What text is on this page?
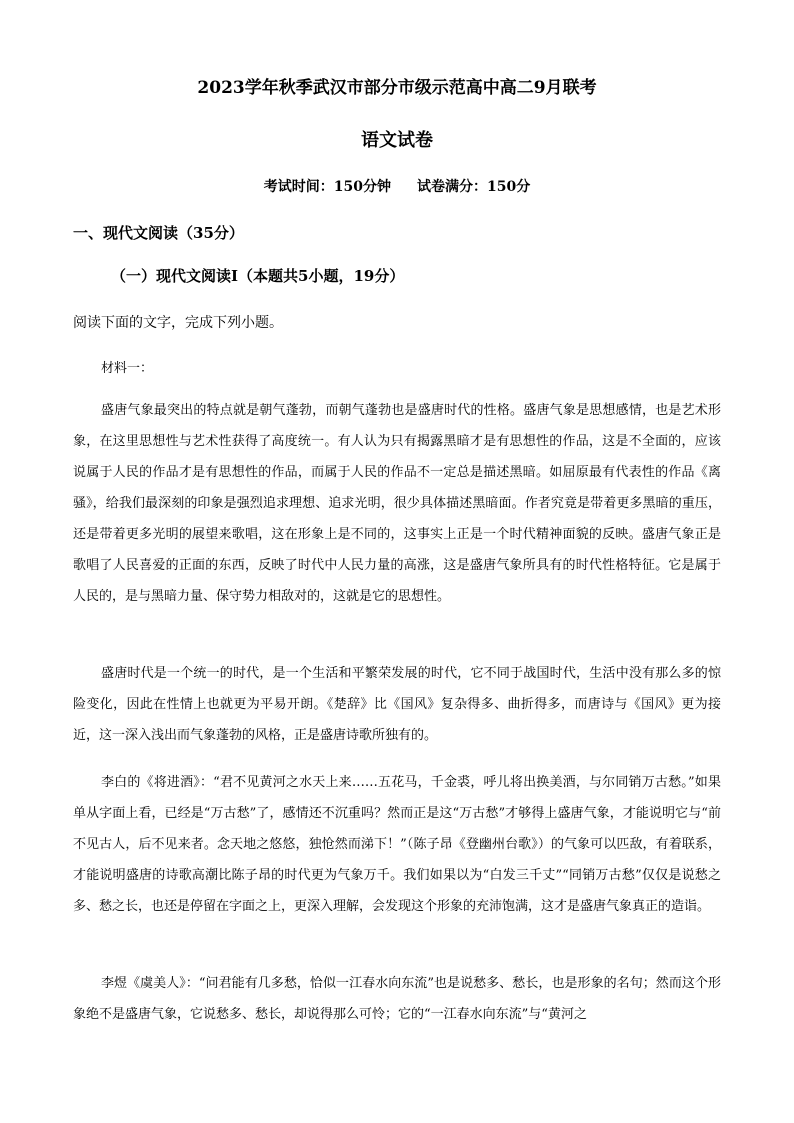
2023学年秋季武汉市部分市级示范高中高二9月联考
语文试卷
考试时间：150分钟 试卷满分：150分
一、现代文阅读（35分）
（一）现代文阅读Ⅰ（本题共5小题，19分）
阅读下面的文字，完成下列小题。
材料一：

盛唐气象最突出的特点就是朝气蓬勃，而朝气蓬勃也是盛唐时代的性格。盛唐气象是思想感情，也是艺术形象，在这里思想性与艺术性获得了高度统一。有人认为只有揭露黑暗才是有思想性的作品，这是不全面的，应该说属于人民的作品才是有思想性的作品，而属于人民的作品不一定总是描述黑暗。如屈原最有代表性的作品《离骚》，给我们最深刻的印象是强烈追求理想、追求光明，很少具体描述黑暗面。作者究竟是带着更多黑暗的重压，还是带着更多光明的展望来歌唱，这在形象上是不同的，这事实上正是一个时代精神面貌的反映。盛唐气象正是歌唱了人民喜爱的正面的东西，反映了时代中人民力量的高涨，这是盛唐气象所具有的时代性格特征。它是属于人民的，是与黑暗力量、保守势力相敌对的，这就是它的思想性。

盛唐时代是一个统一的时代，是一个生活和平繁荣发展的时代，它不同于战国时代，生活中没有那么多的惊险变化，因此在性情上也就更为平易开朗。《楚辞》比《国风》复杂得多、曲折得多，而唐诗与《国风》更为接近，这一深入浅出而气象蓬勃的风格，正是盛唐诗歌所独有的。

李白的《将进酒》：“君不见黄河之水天上来……五花马，千金裘，呼儿将出换美酒，与尔同销万古愁。”如果单从字面上看，已经是“万古愁”了，感情还不沉重吗？然而正是这“万古愁”才够得上盛唐气象，才能说明它与“前不见古人，后不见来者。念天地之悠悠，独怆然而涕下！”（陈子昂《登幽州台歌》）的气象可以匹敌，有着联系，才能说明盛唐的诗歌高潮比陈子昂的时代更为气象万千。我们如果以为“白发三千丈”“同销万古愁”仅仅是说愁之多、愁之长，也还是停留在字面之上，更深入理解，会发现这个形象的充沛饱满，这才是盛唐气象真正的造诣。

李煜《虞美人》：“问君能有几多愁，恰似一江春水向东流”也是说愁多、愁长，也是形象的名句；然而这个形象绝不是盛唐气象，它说愁多、愁长，却说得那么可怜；它的“一江春水向东流”与“黄河之
